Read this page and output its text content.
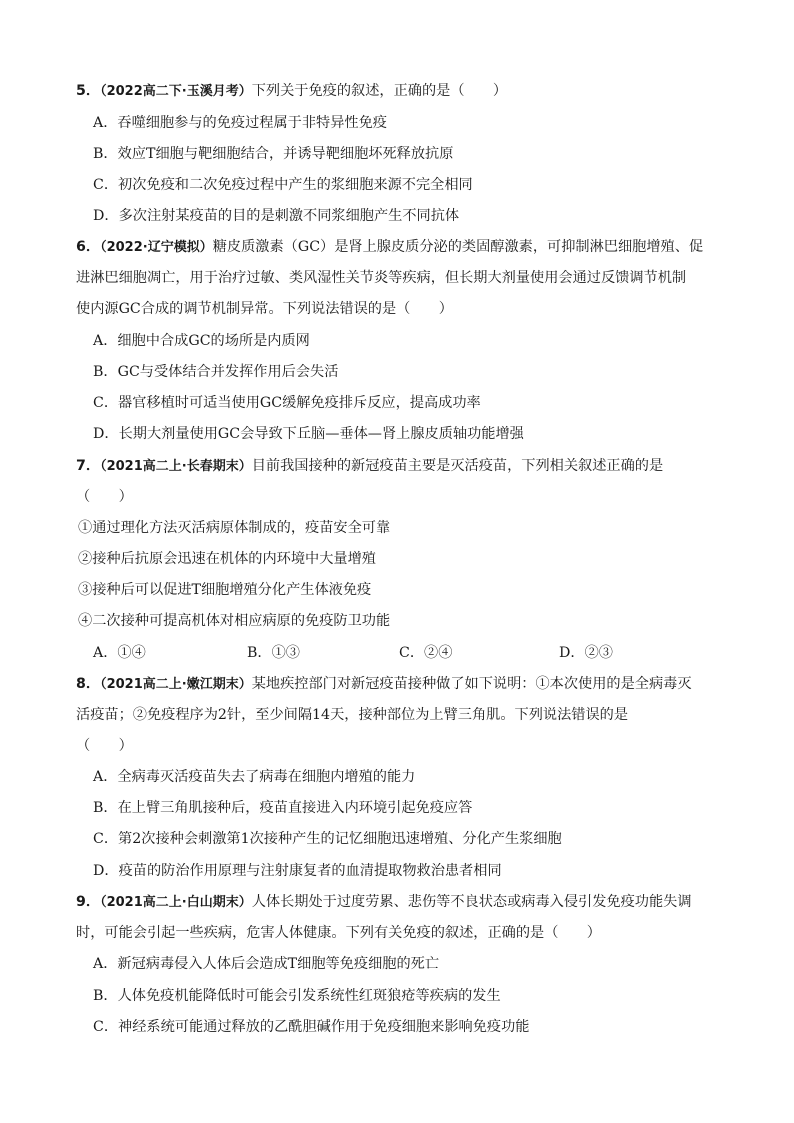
5．（2022高二下·玉溪月考）下列关于免疫的叙述，正确的是（　　）
A．吞噬细胞参与的免疫过程属于非特异性免疫
B．效应T细胞与靶细胞结合，并诱导靶细胞坏死释放抗原
C．初次免疫和二次免疫过程中产生的浆细胞来源不完全相同
D．多次注射某疫苗的目的是刺激不同浆细胞产生不同抗体
6．（2022·辽宁模拟）糖皮质激素（GC）是肾上腺皮质分泌的类固醇激素，可抑制淋巴细胞增殖、促
进淋巴细胞凋亡，用于治疗过敏、类风湿性关节炎等疾病，但长期大剂量使用会通过反馈调节机制
使内源GC合成的调节机制异常。下列说法错误的是（　　）
A．细胞中合成GC的场所是内质网
B．GC与受体结合并发挥作用后会失活
C．器官移植时可适当使用GC缓解免疫排斥反应，提高成功率
D．长期大剂量使用GC会导致下丘脑—垂体—肾上腺皮质轴功能增强
7．（2021高二上·长春期末）目前我国接种的新冠疫苗主要是灭活疫苗，下列相关叙述正确的是
（　　）
①通过理化方法灭活病原体制成的，疫苗安全可靠
②接种后抗原会迅速在机体的内环境中大量增殖
③接种后可以促进T细胞增殖分化产生体液免疫
④二次接种可提高机体对相应病原的免疫防卫功能
A．①④	B．①③	C．②④	D．②③
8．（2021高二上·嫩江期末）某地疾控部门对新冠疫苗接种做了如下说明：①本次使用的是全病毒灭
活疫苗；②免疫程序为2针，至少间隔14天，接种部位为上臂三角肌。下列说法错误的是
（　　）
A．全病毒灭活疫苗失去了病毒在细胞内增殖的能力
B．在上臂三角肌接种后，疫苗直接进入内环境引起免疫应答
C．第2次接种会刺激第1次接种产生的记忆细胞迅速增殖、分化产生浆细胞
D．疫苗的防治作用原理与注射康复者的血清提取物救治患者相同
9．（2021高二上·白山期末）人体长期处于过度劳累、悲伤等不良状态或病毒入侵引发免疫功能失调
时，可能会引起一些疾病，危害人体健康。下列有关免疫的叙述，正确的是（　　）
A．新冠病毒侵入人体后会造成T细胞等免疫细胞的死亡
B．人体免疫机能降低时可能会引发系统性红斑狼疮等疾病的发生
C．神经系统可能通过释放的乙酰胆碱作用于免疫细胞来影响免疫功能
